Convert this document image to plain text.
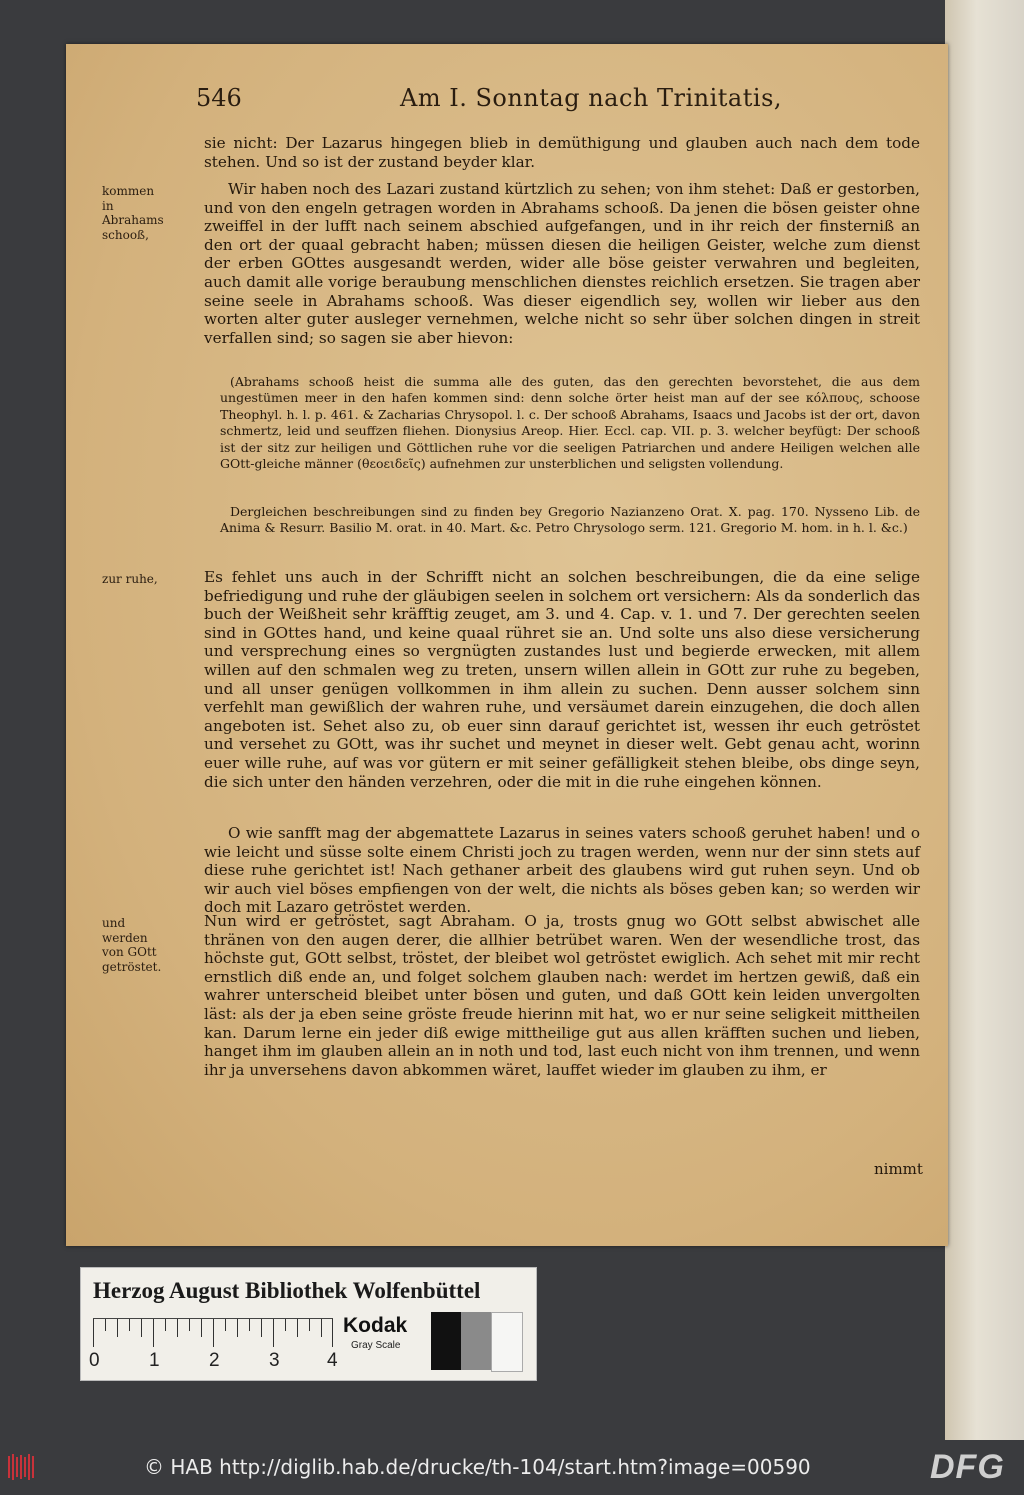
546	Am I. Sonntag nach Trinitatis,

sie nicht: Der Lazarus hingegen blieb in demüthigung und glauben auch nach dem tode stehen. Und so ist der zustand beyder klar.

kommen in Abrahams schooß,

Wir haben noch des Lazari zustand kürtzlich zu sehen; von ihm stehet: Daß er gestorben, und von den engeln getragen worden in Abrahams schooß. Da jenen die bösen geister ohne zweiffel in der lufft nach seinem abschied aufgefangen, und in ihr reich der finsterniß an den ort der quaal gebracht haben; müssen diesen die heiligen Geister, welche zum dienst der erben GOttes ausgesandt werden, wider alle böse geister verwahren und begleiten, auch damit alle vorige beraubung menschlichen dienstes reichlich ersetzen. Sie tragen aber seine seele in Abrahams schooß. Was dieser eigendlich sey, wollen wir lieber aus den worten alter guter ausleger vernehmen, welche nicht so sehr über solchen dingen in streit verfallen sind; so sagen sie aber hievon:

(Abrahams schooß heist die summa alle des guten, das den gerechten bevorstehet, die aus dem ungestümen meer in den hafen kommen sind: denn solche örter heist man auf der see κόλπους, schoose Theophyl. h. l. p. 461. & Zacharias Chrysopol. l. c. Der schooß Abrahams, Isaacs und Jacobs ist der ort, davon schmertz, leid und seuffzen fliehen. Dionysius Areop. Hier. Eccl. cap. VII. p. 3. welcher beyfügt: Der schooß ist der sitz zur heiligen und Göttlichen ruhe vor die seeligen Patriarchen und andere Heiligen welchen alle GOtt-gleiche männer (θεοειδεῖς) aufnehmen zur unsterblichen und seligsten vollendung.

Dergleichen beschreibungen sind zu finden bey Gregorio Nazianzeno Orat. X. pag. 170. Nysseno Lib. de Anima & Resurr. Basilio M. orat. in 40. Mart. &c. Petro Chrysologo serm. 121. Gregorio M. hom. in h. l. &c.)

zur ruhe,	Es fehlet uns auch in der Schrifft nicht an solchen beschreibungen, die da eine selige befriedigung und ruhe der gläubigen seelen in solchem ort versichern: Als da sonderlich das buch der Weißheit sehr kräfftig zeuget, am 3. und 4. Cap. v. 1. und 7. Der gerechten seelen sind in GOttes hand, und keine quaal rühret sie an. Und solte uns also diese versicherung und versprechung eines so vergnügten zustandes lust und begierde erwecken, mit allem willen auf den schmalen weg zu treten, unsern willen allein in GOtt zur ruhe zu begeben, und all unser genügen vollkommen in ihm allein zu suchen. Denn ausser solchem sinn verfehlt man gewißlich der wahren ruhe, und versäumet darein einzugehen, die doch allen angeboten ist. Sehet also zu, ob euer sinn darauf gerichtet ist, wessen ihr euch getröstet und versehet zu GOtt, was ihr suchet und meynet in dieser welt. Gebt genau acht, worinn euer wille ruhe, auf was vor gütern er mit seiner gefälligkeit stehen bleibe, obs dinge seyn, die sich unter den händen verzehren, oder die mit in die ruhe eingehen können.

O wie sanfft mag der abgemattete Lazarus in seines vaters schooß geruhet haben! und o wie leicht und süsse solte einem Christi joch zu tragen werden, wenn nur der sinn stets auf diese ruhe gerichtet ist! Nach gethaner arbeit des glaubens wird gut ruhen seyn. Und ob wir auch viel böses empfiengen von der welt, die nichts als böses geben kan; so werden wir doch mit Lazaro getröstet werden.

und werden von GOtt getröstet.

Nun wird er getröstet, sagt Abraham. O ja, trosts gnug wo GOtt selbst abwischet alle thränen von den augen derer, die allhier betrübet waren. Wen der wesendliche trost, das höchste gut, GOtt selbst, tröstet, der bleibet wol getröstet ewiglich. Ach sehet mit mir recht ernstlich diß ende an, und folget solchem glauben nach: werdet im hertzen gewiß, daß ein wahrer unterscheid bleibet unter bösen und guten, und daß GOtt kein leiden unvergolten läst: als der ja eben seine gröste freude hierinn mit hat, wo er nur seine seligkeit mittheilen kan. Darum lerne ein jeder diß ewige mittheilige gut aus allen kräfften suchen und lieben, hanget ihm im glauben allein an in noth und tod, last euch nicht von ihm trennen, und wenn ihr ja unversehens davon abkommen wäret, lauffet wieder im glauben zu ihm, er

nimmt
Herzog August Bibliothek Wolfenbüttel
0	1	2	3 4
Kodak
Gray Scale
© HAB http://diglib.hab.de/drucke/th-104/start.htm?image=00590	DFG
